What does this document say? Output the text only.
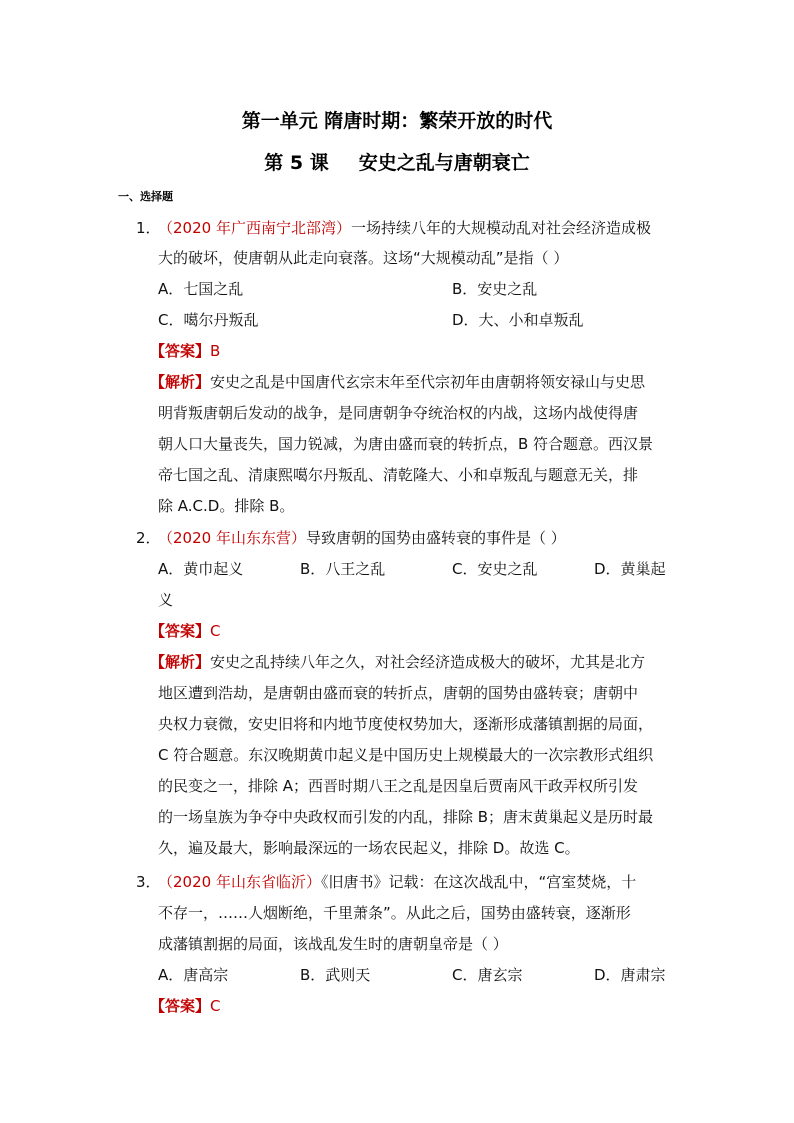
第一单元 隋唐时期：繁荣开放的时代
第 5 课 安史之乱与唐朝衰亡
一、选择题
1．
（2020 年广西南宁北部湾）一场持续八年的大规模动乱对社会经济造成极
大的破坏，使唐朝从此走向衰落。这场“大规模动乱”是指（ ）
A．七国之乱	B．安史之乱
C．噶尔丹叛乱	D．大、小和卓叛乱
【答案】B
【解析】安史之乱是中国唐代玄宗末年至代宗初年由唐朝将领安禄山与史思
明背叛唐朝后发动的战争，是同唐朝争夺统治权的内战，这场内战使得唐
朝人口大量丧失，国力锐减，为唐由盛而衰的转折点，B 符合题意。西汉景
帝七国之乱、清康熙噶尔丹叛乱、清乾隆大、小和卓叛乱与题意无关，排
除 A.C.D。排除 B。
2．
（2020 年山东东营）导致唐朝的国势由盛转衰的事件是（ ）
A．黄巾起义	B．八王之乱	C．安史之乱	D．黄巢起
义
【答案】C
【解析】安史之乱持续八年之久，对社会经济造成极大的破坏，尤其是北方
地区遭到浩劫，是唐朝由盛而衰的转折点，唐朝的国势由盛转衰；唐朝中
央权力衰微，安史旧将和内地节度使权势加大，逐渐形成藩镇割据的局面，
C 符合题意。东汉晚期黄巾起义是中国历史上规模最大的一次宗教形式组织
的民变之一，排除 A；西晋时期八王之乱是因皇后贾南风干政弄权所引发
的一场皇族为争夺中央政权而引发的内乱，排除 B；唐末黄巢起义是历时最
久，遍及最大，影响最深远的一场农民起义，排除 D。故选 C。
3．
（2020 年山东省临沂）《旧唐书》记载：在这次战乱中，“宫室焚烧，十
不存一，……人烟断绝，千里萧条”。从此之后，国势由盛转衰，逐渐形
成藩镇割据的局面，该战乱发生时的唐朝皇帝是（ ）
A．唐高宗	B．武则天	C．唐玄宗	D．唐肃宗
【答案】C
